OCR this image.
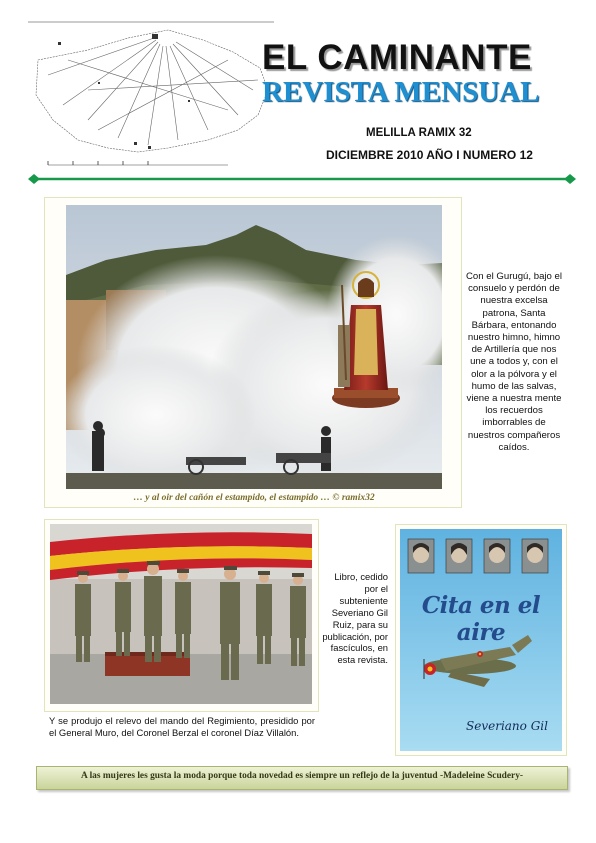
EL CAMINANTE
REVISTA MENSUAL
MELILLA RAMIX 32
DICIEMBRE 2010 AÑO I NUMERO 12
… y al oir del cañón el estampido, el estampido … © ramix32
Con el Gurugú, bajo el consuelo y perdón de nuestra excelsa patrona, Santa Bárbara, entonando nuestro himno, himno de Artillería que nos une a todos y, con el olor a la pólvora y el humo de las salvas, viene a nuestra mente los recuerdos imborrables de nuestros compañeros caídos.
Y se produjo el relevo del mando del Regimiento, presidido por el General Muro, del Coronel Berzal el coronel Díaz Villalón.
Libro, cedido por el subteniente Severiano Gil Ruiz, para su publicación, por fascículos, en esta revista.
Cita en el aire
Severiano Gil
A las mujeres les gusta la moda porque toda novedad es siempre un reflejo de la juventud -Madeleine Scudery-
